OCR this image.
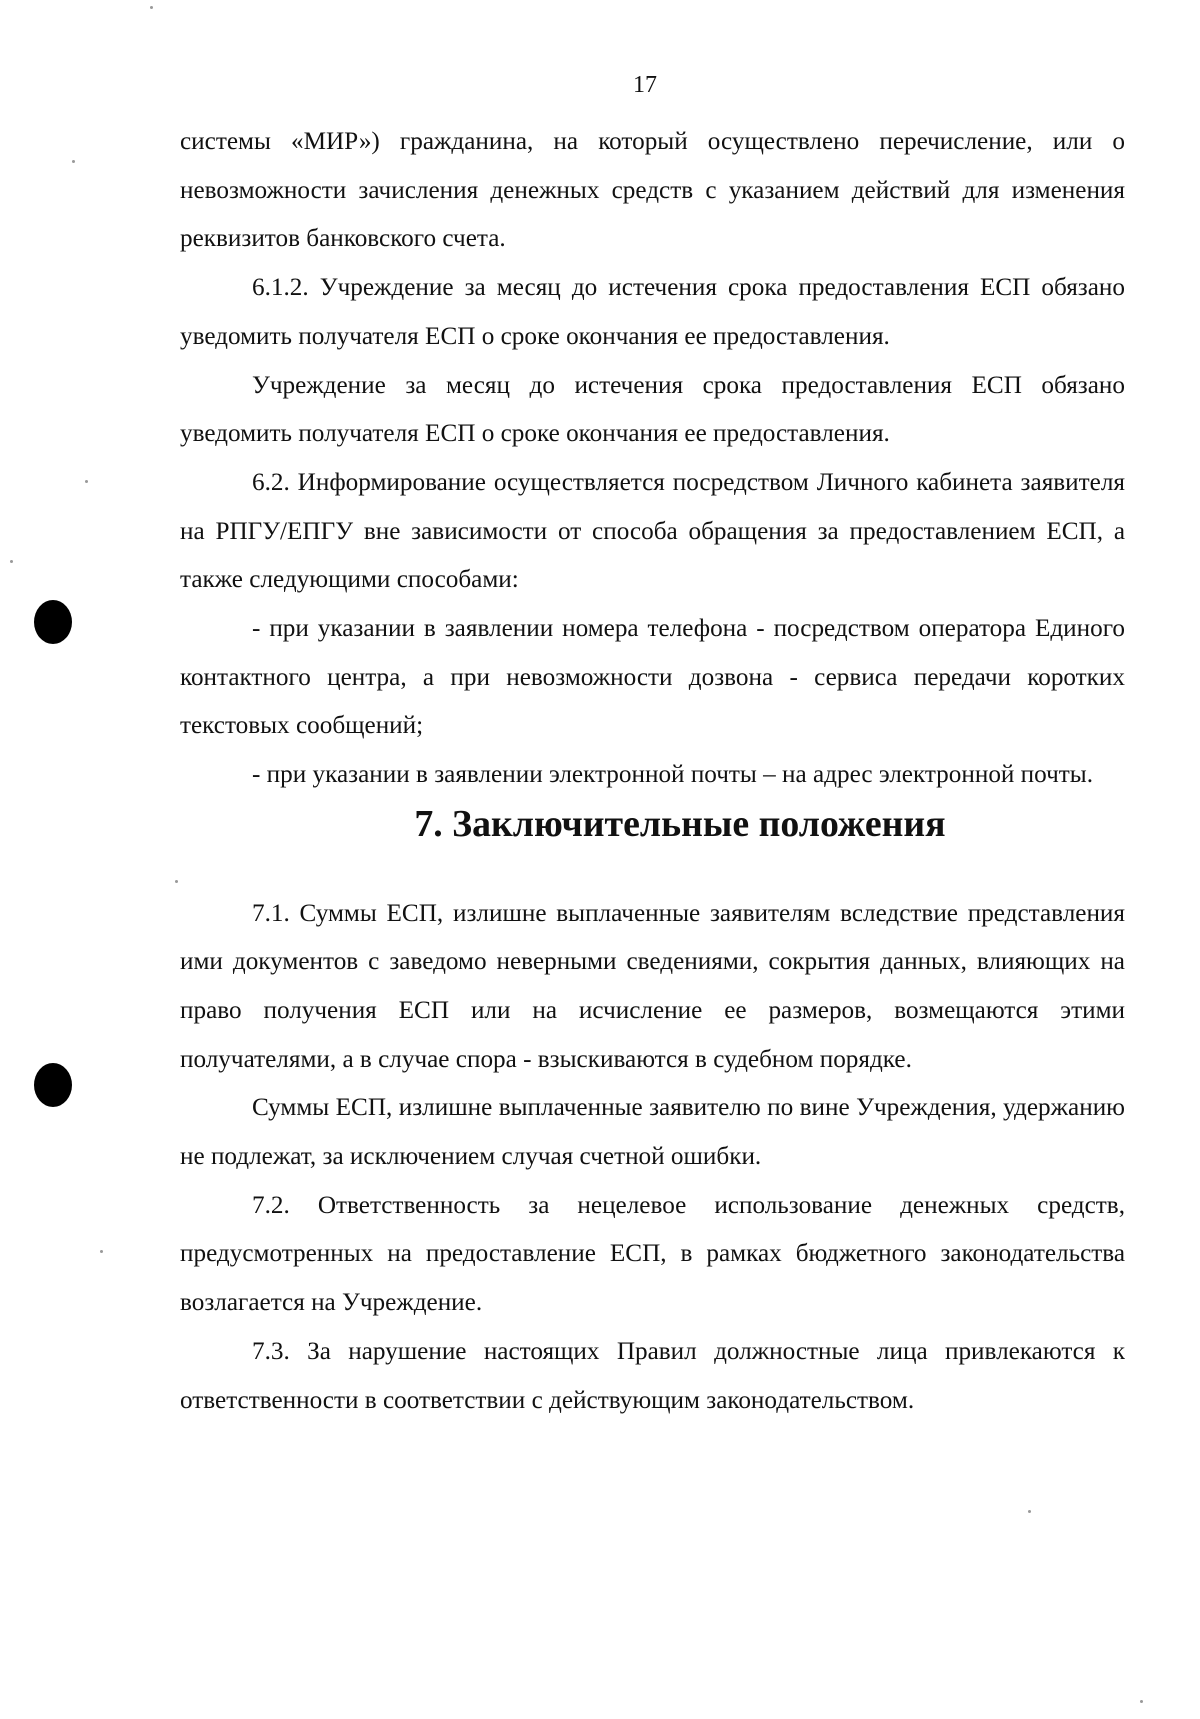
17

системы «МИР») гражданина, на который осуществлено перечисление, или о невозможности зачисления денежных средств с указанием действий для изменения реквизитов банковского счета.

6.1.2. Учреждение за месяц до истечения срока предоставления ЕСП обязано уведомить получателя ЕСП о сроке окончания ее предоставления.

Учреждение за месяц до истечения срока предоставления ЕСП обязано уведомить получателя ЕСП о сроке окончания ее предоставления.

6.2. Информирование осуществляется посредством Личного кабинета заявителя на РПГУ/ЕПГУ вне зависимости от способа обращения за предоставлением ЕСП, а также следующими способами:

- при указании в заявлении номера телефона - посредством оператора Единого контактного центра, а при невозможности дозвона - сервиса передачи коротких текстовых сообщений;

- при указании в заявлении электронной почты – на адрес электронной почты.

7. Заключительные положения

7.1. Суммы ЕСП, излишне выплаченные заявителям вследствие представления ими документов с заведомо неверными сведениями, сокрытия данных, влияющих на право получения ЕСП или на исчисление ее размеров, возмещаются этими получателями, а в случае спора - взыскиваются в судебном порядке.

Суммы ЕСП, излишне выплаченные заявителю по вине Учреждения, удержанию не подлежат, за исключением случая счетной ошибки.

7.2. Ответственность за нецелевое использование денежных средств, предусмотренных на предоставление ЕСП, в рамках бюджетного законодательства возлагается на Учреждение.

7.3. За нарушение настоящих Правил должностные лица привлекаются к ответственности в соответствии с действующим законодательством.
